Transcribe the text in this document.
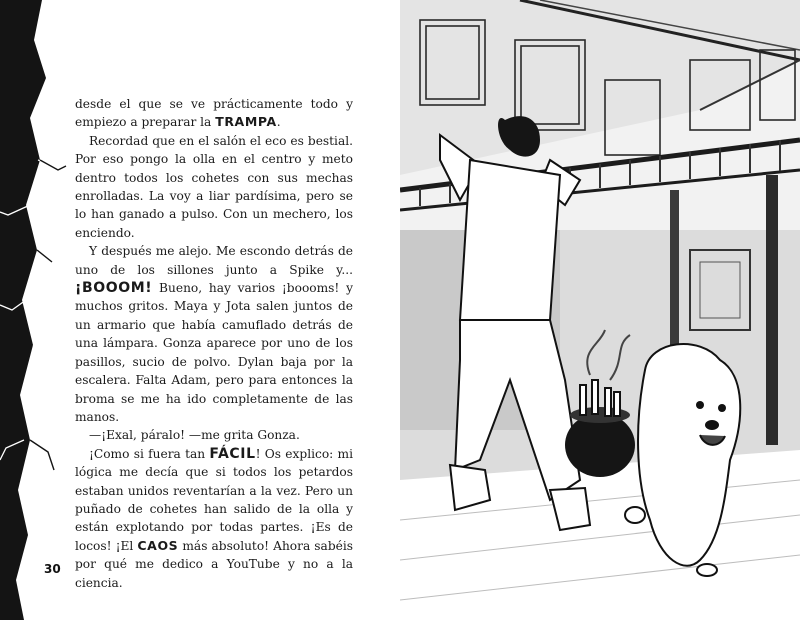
desde el que se ve prácticamente todo y empiezo a preparar la TRAMPA.

Recordad que en el salón el eco es bestial. Por eso pongo la olla en el centro y meto dentro todos los cohetes con sus mechas enrolladas. La voy a liar pardísima, pero se lo han ganado a pulso. Con un mechero, los enciendo.

Y después me alejo. Me escondo detrás de uno de los sillones junto a Spike y... ¡BOOOM! Bueno, hay varios ¡boooms! y muchos gritos. Maya y Jota salen juntos de un armario que había camuflado detrás de una lámpara. Gonza aparece por uno de los pasillos, sucio de polvo. Dylan baja por la escalera. Falta Adam, pero para entonces la broma se me ha ido completamente de las manos.

—¡Exal, páralo! —me grita Gonza.

¡Como si fuera tan FÁCIL! Os explico: mi lógica me decía que si todos los petardos estaban unidos reventarían a la vez. Pero un puñado de cohetes han salido de la olla y están explotando por todas partes. ¡Es de locos! ¡El CAOS más absoluto! Ahora sabéis por qué me dedico a YouTube y no a la ciencia.

30
